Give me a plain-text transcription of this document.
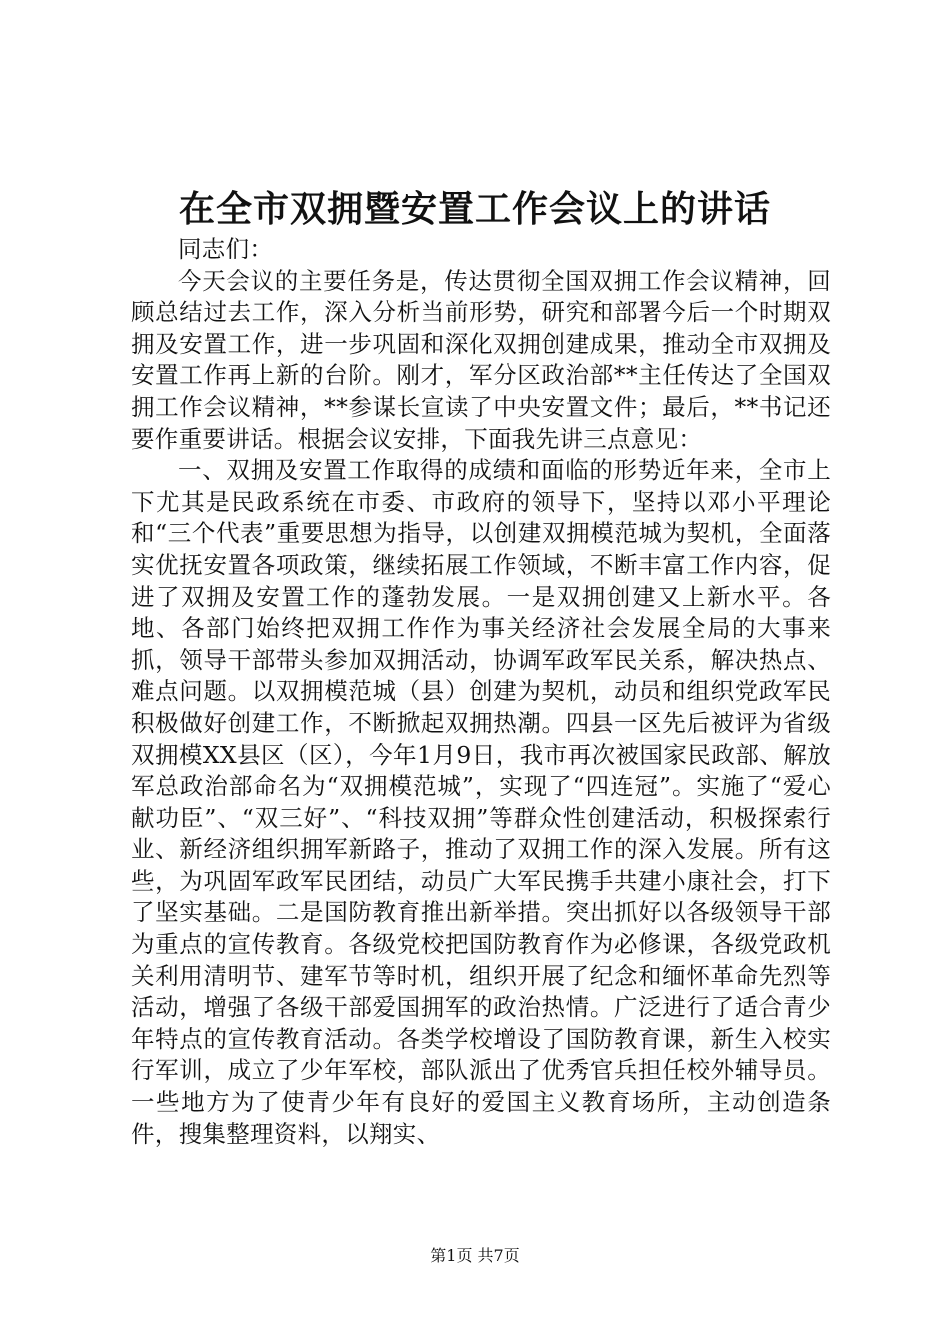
在全市双拥暨安置工作会议上的讲话

同志们：

今天会议的主要任务是，传达贯彻全国双拥工作会议精神，回顾总结过去工作，深入分析当前形势，研究和部署今后一个时期双拥及安置工作，进一步巩固和深化双拥创建成果，推动全市双拥及安置工作再上新的台阶。刚才，军分区政治部**主任传达了全国双拥工作会议精神，**参谋长宣读了中央安置文件；最后，**书记还要作重要讲话。根据会议安排，下面我先讲三点意见：

一、双拥及安置工作取得的成绩和面临的形势近年来，全市上下尤其是民政系统在市委、市政府的领导下，坚持以邓小平理论和“三个代表”重要思想为指导，以创建双拥模范城为契机，全面落实优抚安置各项政策，继续拓展工作领域，不断丰富工作内容，促进了双拥及安置工作的蓬勃发展。一是双拥创建又上新水平。各地、各部门始终把双拥工作作为事关经济社会发展全局的大事来抓，领导干部带头参加双拥活动，协调军政军民关系，解决热点、难点问题。以双拥模范城（县）创建为契机，动员和组织党政军民积极做好创建工作，不断掀起双拥热潮。四县一区先后被评为省级双拥模XX县区（区），今年1月9日，我市再次被国家民政部、解放军总政治部命名为“双拥模范城”，实现了“四连冠”。实施了“爱心献功臣”、“双三好”、“科技双拥”等群众性创建活动，积极探索行业、新经济组织拥军新路子，推动了双拥工作的深入发展。所有这些，为巩固军政军民团结，动员广大军民携手共建小康社会，打下了坚实基础。二是国防教育推出新举措。突出抓好以各级领导干部为重点的宣传教育。各级党校把国防教育作为必修课，各级党政机关利用清明节、建军节等时机，组织开展了纪念和缅怀革命先烈等活动，增强了各级干部爱国拥军的政治热情。广泛进行了适合青少年特点的宣传教育活动。各类学校增设了国防教育课，新生入校实行军训，成立了少年军校，部队派出了优秀官兵担任校外辅导员。一些地方为了使青少年有良好的爱国主义教育场所，主动创造条件，搜集整理资料，以翔实、

第1页 共7页
